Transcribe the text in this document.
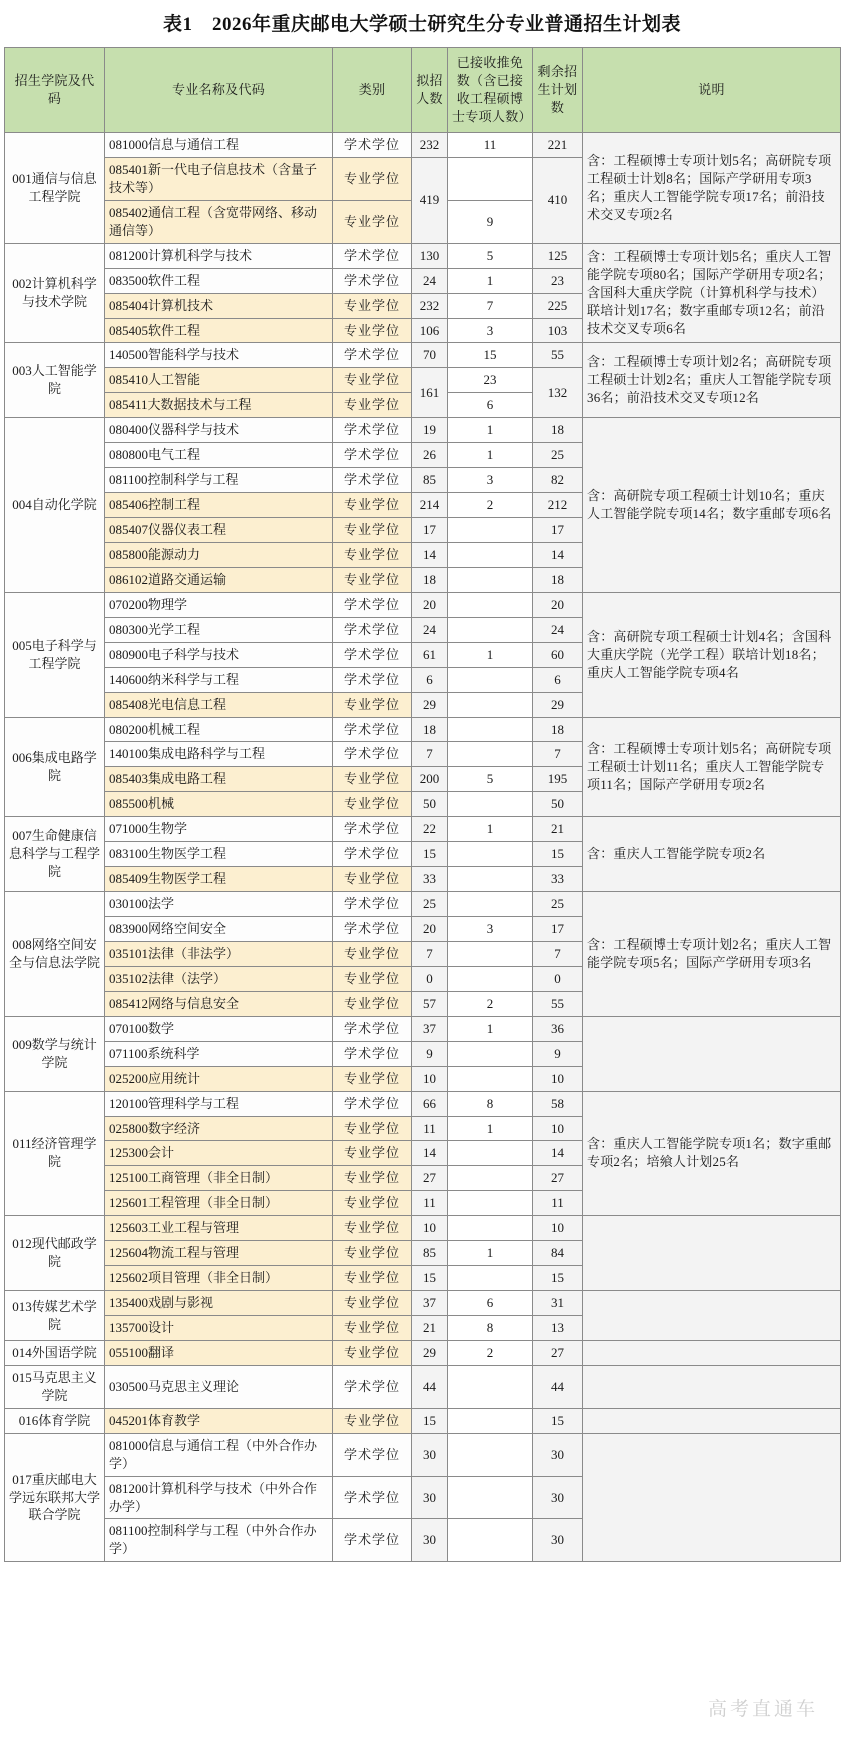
表1　2026年重庆邮电大学硕士研究生分专业普通招生计划表
招生学院及代码	专业名称及代码	类别	拟招人数	已接收推免数（含已接收工程硕博士专项人数）	剩余招生计划数	说明
001通信与信息工程学院	081000信息与通信工程	学术学位	232	11	221	含：工程硕博士专项计划5名；高研院专项工程硕士计划8名；国际产学研用专项3名；重庆人工智能学院专项17名；前沿技术交叉专项2名
	085401新一代电子信息技术（含量子技术等）	专业学位	419		410	
	085402通信工程（含宽带网络、移动通信等）	专业学位		9		
002计算机科学与技术学院	081200计算机科学与技术	学术学位	130	5	125	含：工程硕博士专项计划5名；重庆人工智能学院专项80名；国际产学研用专项2名；含国科大重庆学院（计算机科学与技术）联培计划17名；数字重邮专项12名；前沿技术交叉专项6名
	083500软件工程	学术学位	24	1	23	
	085404计算机技术	专业学位	232	7	225	
	085405软件工程	专业学位	106	3	103	
003人工智能学院	140500智能科学与技术	学术学位	70	15	55	含：工程硕博士专项计划2名；高研院专项工程硕士计划2名；重庆人工智能学院专项36名；前沿技术交叉专项12名
	085410人工智能	专业学位	161	23	132	
	085411大数据技术与工程	专业学位		6		
004自动化学院	080400仪器科学与技术	学术学位	19	1	18	含：高研院专项工程硕士计划10名；重庆人工智能学院专项14名；数字重邮专项6名
	080800电气工程	学术学位	26	1	25	
	081100控制科学与工程	学术学位	85	3	82	
	085406控制工程	专业学位	214	2	212	
	085407仪器仪表工程	专业学位	17		17	
	085800能源动力	专业学位	14		14	
	086102道路交通运输	专业学位	18		18	
005电子科学与工程学院	070200物理学	学术学位	20		20	含：高研院专项工程硕士计划4名；含国科大重庆学院（光学工程）联培计划18名；重庆人工智能学院专项4名
	080300光学工程	学术学位	24		24	
	080900电子科学与技术	学术学位	61	1	60	
	140600纳米科学与工程	学术学位	6		6	
	085408光电信息工程	专业学位	29		29	
006集成电路学院	080200机械工程	学术学位	18		18	含：工程硕博士专项计划5名；高研院专项工程硕士计划11名；重庆人工智能学院专项11名；国际产学研用专项2名
	140100集成电路科学与工程	学术学位	7		7	
	085403集成电路工程	专业学位	200	5	195	
	085500机械	专业学位	50		50	
007生命健康信息科学与工程学院	071000生物学	学术学位	22	1	21	含：重庆人工智能学院专项2名
	083100生物医学工程	学术学位	15		15	
	085409生物医学工程	专业学位	33		33	
008网络空间安全与信息法学院	030100法学	学术学位	25		25	含：工程硕博士专项计划2名；重庆人工智能学院专项5名；国际产学研用专项3名
	083900网络空间安全	学术学位	20	3	17	
	035101法律（非法学）	专业学位	7		7	
	035102法律（法学）	专业学位	0		0	
	085412网络与信息安全	专业学位	57	2	55	
009数学与统计学院	070100数学	学术学位	37	1	36	
	071100系统科学	学术学位	9		9	
	025200应用统计	专业学位	10		10	
011经济管理学院	120100管理科学与工程	学术学位	66	8	58	含：重庆人工智能学院专项1名；数字重邮专项2名；培飨人计划25名
	025800数字经济	专业学位	11	1	10	
	125300会计	专业学位	14		14	
	125100工商管理（非全日制）	专业学位	27		27	
	125601工程管理（非全日制）	专业学位	11		11	
012现代邮政学院	125603工业工程与管理	专业学位	10		10	
	125604物流工程与管理	专业学位	85	1	84	
	125602项目管理（非全日制）	专业学位	15		15	
013传媒艺术学院	135400戏剧与影视	专业学位	37	6	31	
	135700设计	专业学位	21	8	13	
014外国语学院	055100翻译	专业学位	29	2	27	
015马克思主义学院	030500马克思主义理论	学术学位	44		44	
016体育学院	045201体育教学	专业学位	15		15	
017重庆邮电大学远东联邦大学联合学院	081000信息与通信工程（中外合作办学）	学术学位	30		30	
	081200计算机科学与技术（中外合作办学）	学术学位	30		30	
	081100控制科学与工程（中外合作办学）	学术学位	30		30	
高考直通车
